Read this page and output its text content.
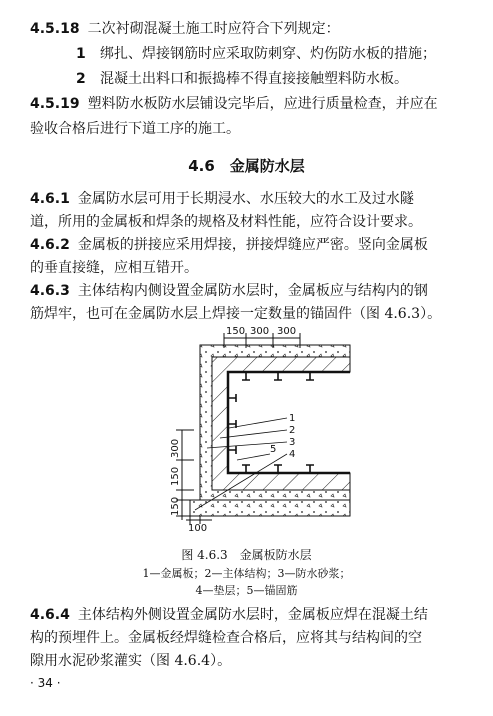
4.5.18 二次衬砌混凝土施工时应符合下列规定：
1 绑扎、焊接钢筋时应采取防刺穿、灼伤防水板的措施；
2 混凝土出料口和振捣棒不得直接接触塑料防水板。
4.5.19 塑料防水板防水层铺设完毕后，应进行质量检查，并应在
验收合格后进行下道工序的施工。
4.6　金属防水层
4.6.1 金属防水层可用于长期浸水、水压较大的水工及过水隧
道，所用的金属板和焊条的规格及材料性能，应符合设计要求。
4.6.2 金属板的拼接应采用焊接，拼接焊缝应严密。竖向金属板
的垂直接缝，应相互错开。
4.6.3 主体结构内侧设置金属防水层时，金属板应与结构内的钢
筋焊牢，也可在金属防水层上焊接一定数量的锚固件（图 4.6.3）。
150 300 300
300
150
150
100
1
2
3
4
5
图 4.6.3　金属板防水层
1—金属板；2—主体结构；3—防水砂浆；
4—垫层；5—锚固筋
4.6.4 主体结构外侧设置金属防水层时，金属板应焊在混凝土结
构的预埋件上。金属板经焊缝检查合格后，应将其与结构间的空
隙用水泥砂浆灌实（图 4.6.4）。
· 34 ·
